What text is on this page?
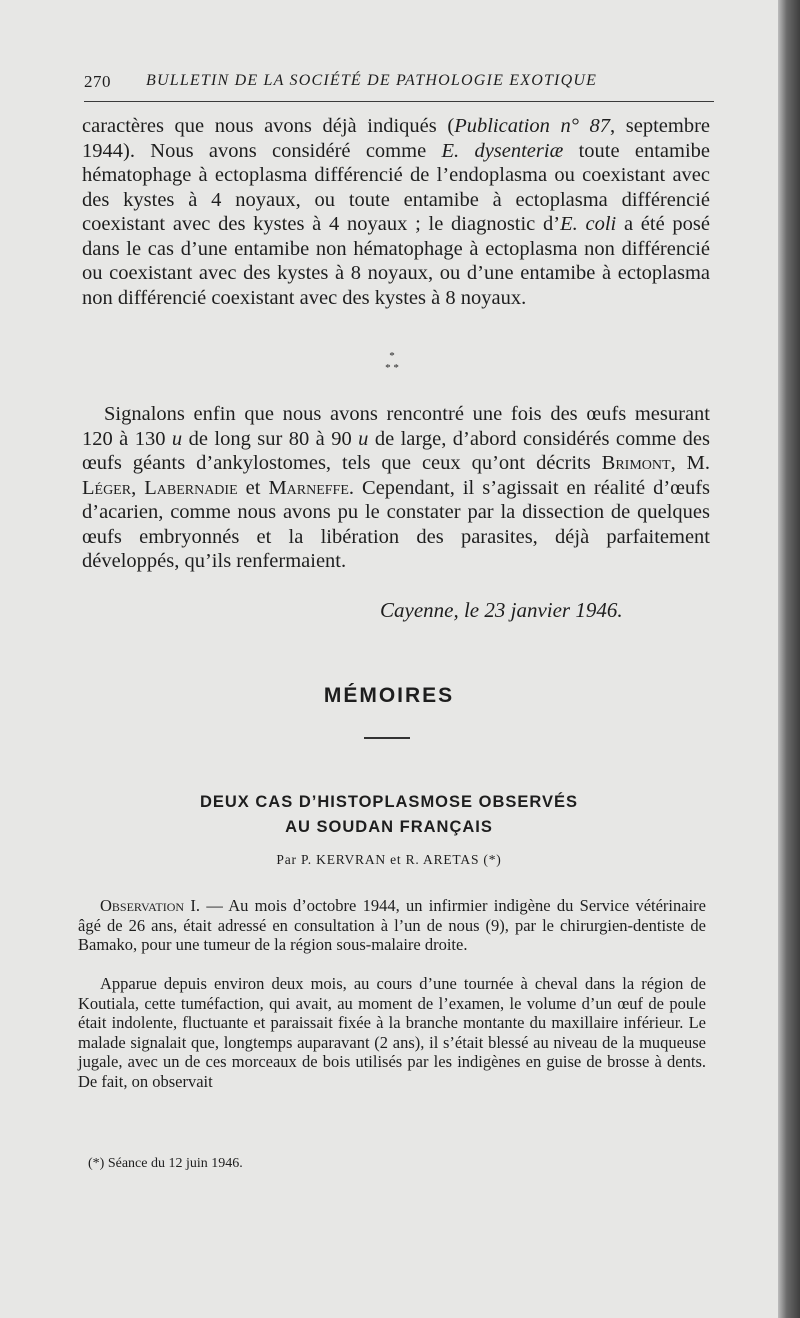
270 BULLETIN DE LA SOCIÉTÉ DE PATHOLOGIE EXOTIQUE
caractères que nous avons déjà indiqués (Publication n° 87, septembre 1944). Nous avons considéré comme E. dysenteriæ toute entamibe hématophage à ectoplasma différencié de l’endoplasma ou coexistant avec des kystes à 4 noyaux, ou toute entamibe à ectoplasma différencié coexistant avec des kystes à 4 noyaux ; le diagnostic d’E. coli a été posé dans le cas d’une entamibe non hématophage à ectoplasma non différencié ou coexistant avec des kystes à 8 noyaux, ou d’une entamibe à ectoplasma non différencié coexistant avec des kystes à 8 noyaux.
*
* *
Signalons enfin que nous avons rencontré une fois des œufs mesurant 120 à 130 u de long sur 80 à 90 u de large, d’abord considérés comme des œufs géants d’ankylostomes, tels que ceux qu’ont décrits Brimont, M. Léger, Labernadie et Marneffe. Cependant, il s’agissait en réalité d’œufs d’acarien, comme nous avons pu le constater par la dissection de quelques œufs embryonnés et la libération des parasites, déjà parfaitement développés, qu’ils renfermaient.
Cayenne, le 23 janvier 1946.
MÉMOIRES
DEUX CAS D’HISTOPLASMOSE OBSERVÉS
AU SOUDAN FRANÇAIS
Par P. KERVRAN et R. ARETAS (*)
Observation I. — Au mois d’octobre 1944, un infirmier indigène du Service vétérinaire âgé de 26 ans, était adressé en consultation à l’un de nous (9), par le chirurgien-dentiste de Bamako, pour une tumeur de la région sous-malaire droite.
Apparue depuis environ deux mois, au cours d’une tournée à cheval dans la région de Koutiala, cette tuméfaction, qui avait, au moment de l’examen, le volume d’un œuf de poule était indolente, fluctuante et paraissait fixée à la branche montante du maxillaire inférieur. Le malade signalait que, longtemps auparavant (2 ans), il s’était blessé au niveau de la muqueuse jugale, avec un de ces morceaux de bois utilisés par les indigènes en guise de brosse à dents. De fait, on observait
(*) Séance du 12 juin 1946.
